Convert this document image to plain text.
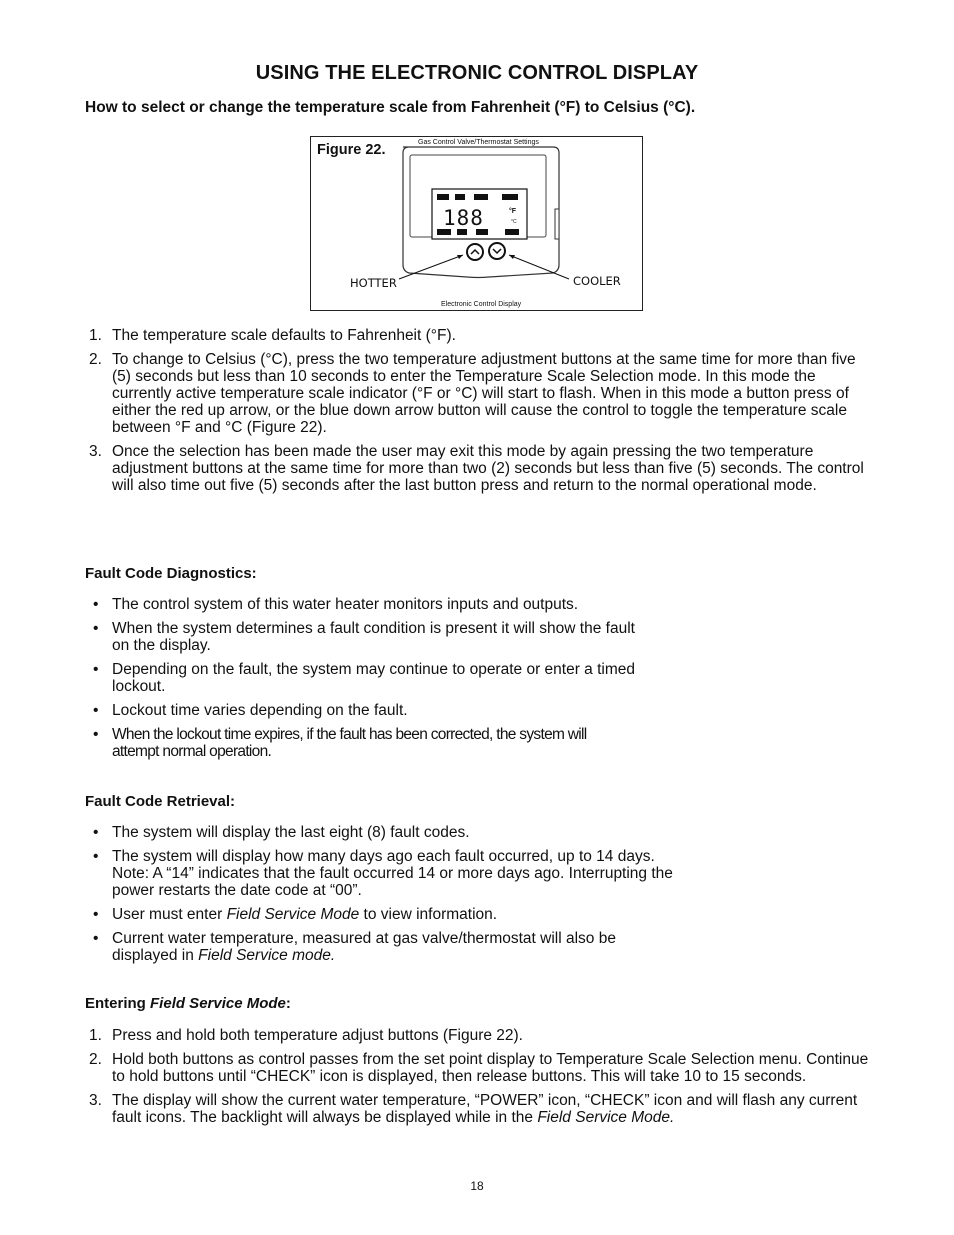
USING THE ELECTRONIC CONTROL DISPLAY

How to select or change the temperature scale from Fahrenheit (°F) to Celsius (°C).

Figure 22.	Gas Control Valve/Thermostat Settings
188	°F
°C
HOTTER	COOLER
Electronic Control Display
1. The temperature scale defaults to Fahrenheit (°F).
2. To change to Celsius (°C), press the two temperature adjustment buttons at the same time for more than five (5) seconds but less than 10 seconds to enter the Temperature Scale Selection mode. In this mode the currently active temperature scale indicator (°F or °C) will start to flash. When in this mode a button press of either the red up arrow, or the blue down arrow button will cause the control to toggle the temperature scale between °F and °C (Figure 22).
3. Once the selection has been made the user may exit this mode by again pressing the two temperature adjustment buttons at the same time for more than two (2) seconds but less than five (5) seconds. The control will also time out five (5) seconds after the last button press and return to the normal operational mode.

Fault Code Diagnostics:

• The control system of this water heater monitors inputs and outputs.
• When the system determines a fault condition is present it will show the fault on the display.
• Depending on the fault, the system may continue to operate or enter a timed lockout.
• Lockout time varies depending on the fault.
• When the lockout time expires, if the fault has been corrected, the system will attempt normal operation.

Fault Code Retrieval:

• The system will display the last eight (8) fault codes.
• The system will display how many days ago each fault occurred, up to 14 days. Note: A “14” indicates that the fault occurred 14 or more days ago. Interrupting the power restarts the date code at “00”.
• User must enter Field Service Mode to view information.
• Current water temperature, measured at gas valve/thermostat will also be displayed in Field Service mode.

Entering Field Service Mode:

1. Press and hold both temperature adjust buttons (Figure 22).
2. Hold both buttons as control passes from the set point display to Temperature Scale Selection menu. Continue to hold buttons until “CHECK” icon is displayed, then release buttons. This will take 10 to 15 seconds.
3. The display will show the current water temperature, “POWER” icon, “CHECK” icon and will flash any current fault icons. The backlight will always be displayed while in the Field Service Mode.
18
